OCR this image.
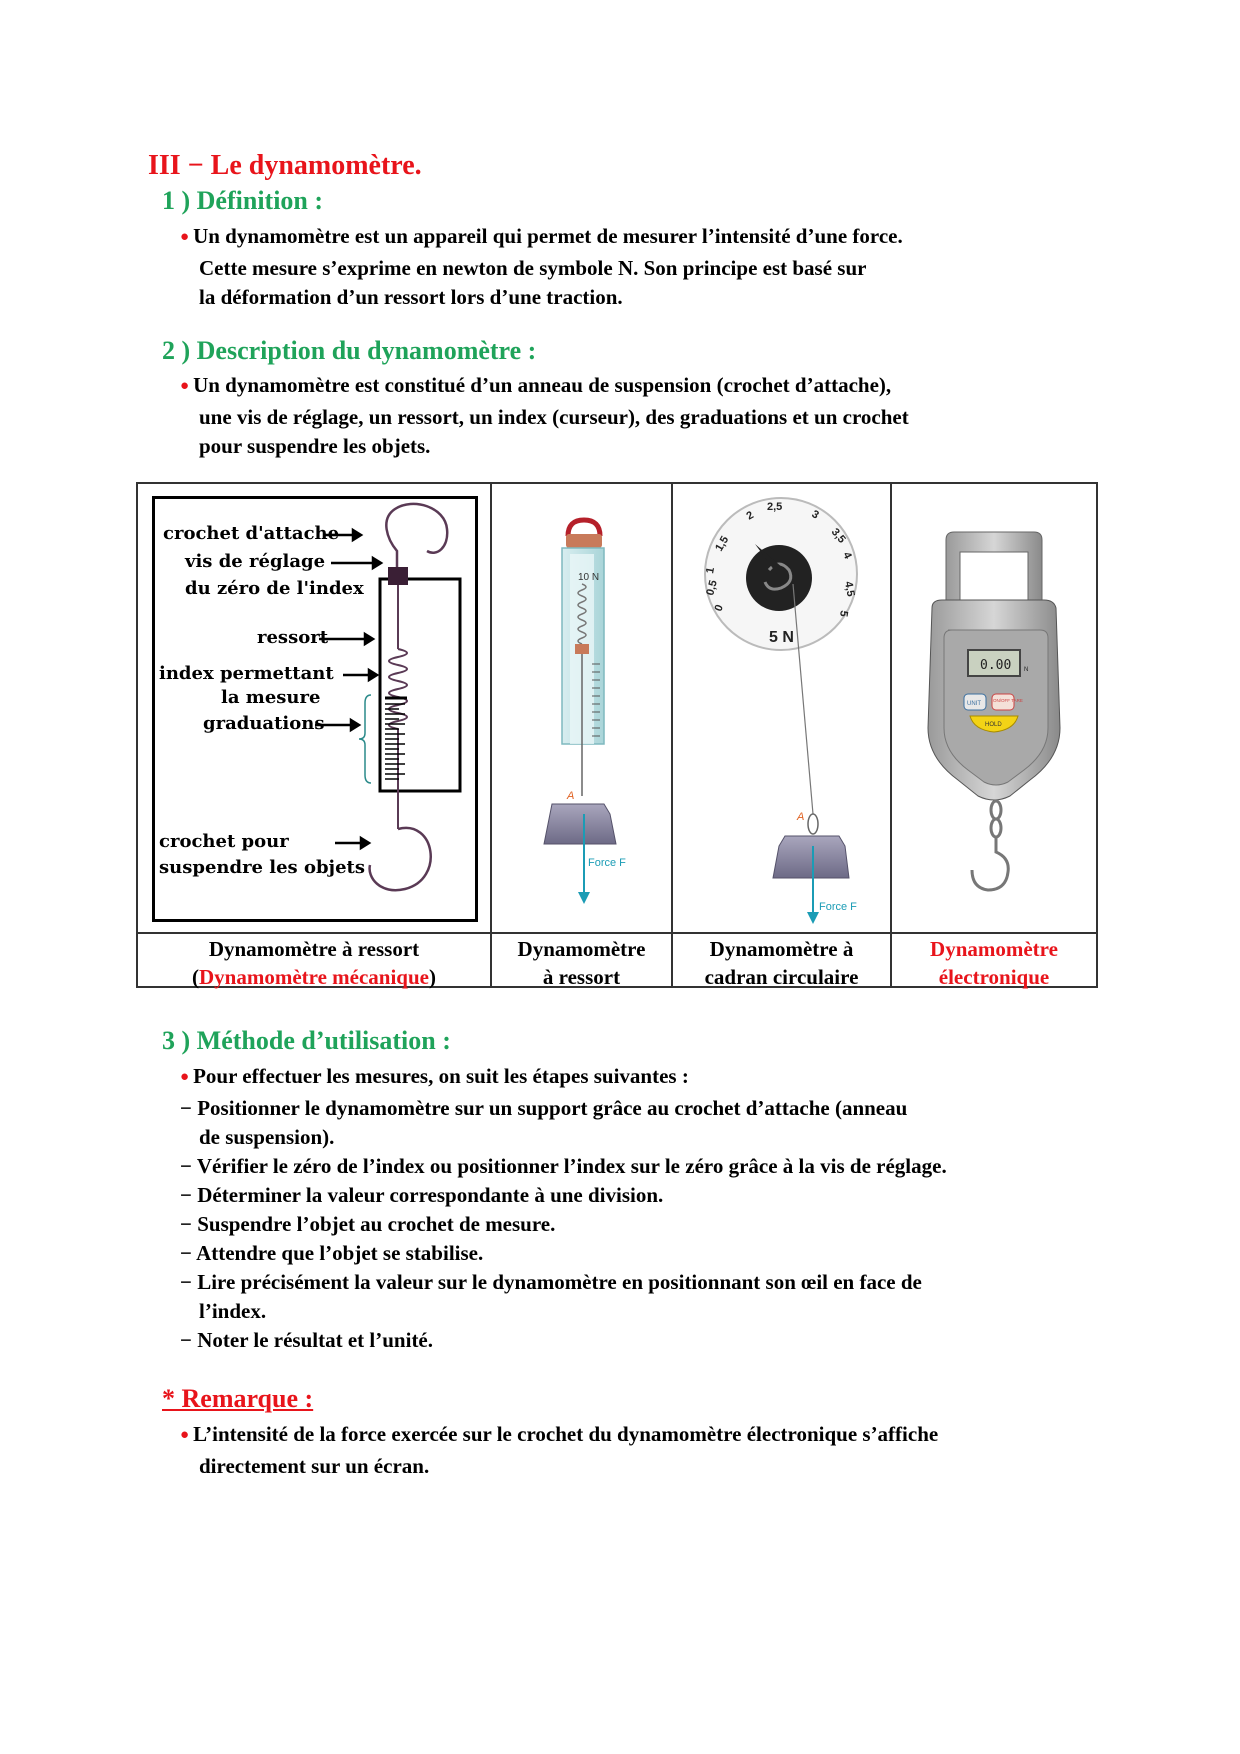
III − Le dynamomètre.
1 ) Définition :
● Un dynamomètre est un appareil qui permet de mesurer l’intensité d’une force.
Cette mesure s’exprime en newton de symbole N. Son principe est basé sur
la déformation d’un ressort lors d’une traction.
2 ) Description du dynamomètre :
● Un dynamomètre est constitué d’un anneau de suspension (crochet d’attache),
une vis de réglage, un ressort, un index (curseur), des graduations et un crochet
pour suspendre les objets.
crochet d'attache
vis de réglage
du zéro de l'index
ressort
index permettant
la mesure
graduations
crochet pour
suspendre les objets
10 N
A
Force F
0
0,5
1
1,5
2
2,5
3
3,5
4
4,5
5
5 N
A
Force F
0.00 N
UNIT
ON/OFF TARE
HOLD
Dynamomètre à ressort
(Dynamomètre mécanique)
Dynamomètre
à ressort
Dynamomètre à
cadran circulaire
Dynamomètre
électronique
3 ) Méthode d’utilisation :
● Pour effectuer les mesures, on suit les étapes suivantes :
− Positionner le dynamomètre sur un support grâce au crochet d’attache (anneau
de suspension).
− Vérifier le zéro de l’index ou positionner l’index sur le zéro grâce à la vis de réglage.
− Déterminer la valeur correspondante à une division.
− Suspendre l’objet au crochet de mesure.
− Attendre que l’objet se stabilise.
− Lire précisément la valeur sur le dynamomètre en positionnant son œil en face de
l’index.
− Noter le résultat et l’unité.
* Remarque :
● L’intensité de la force exercée sur le crochet du dynamomètre électronique s’affiche
directement sur un écran.
